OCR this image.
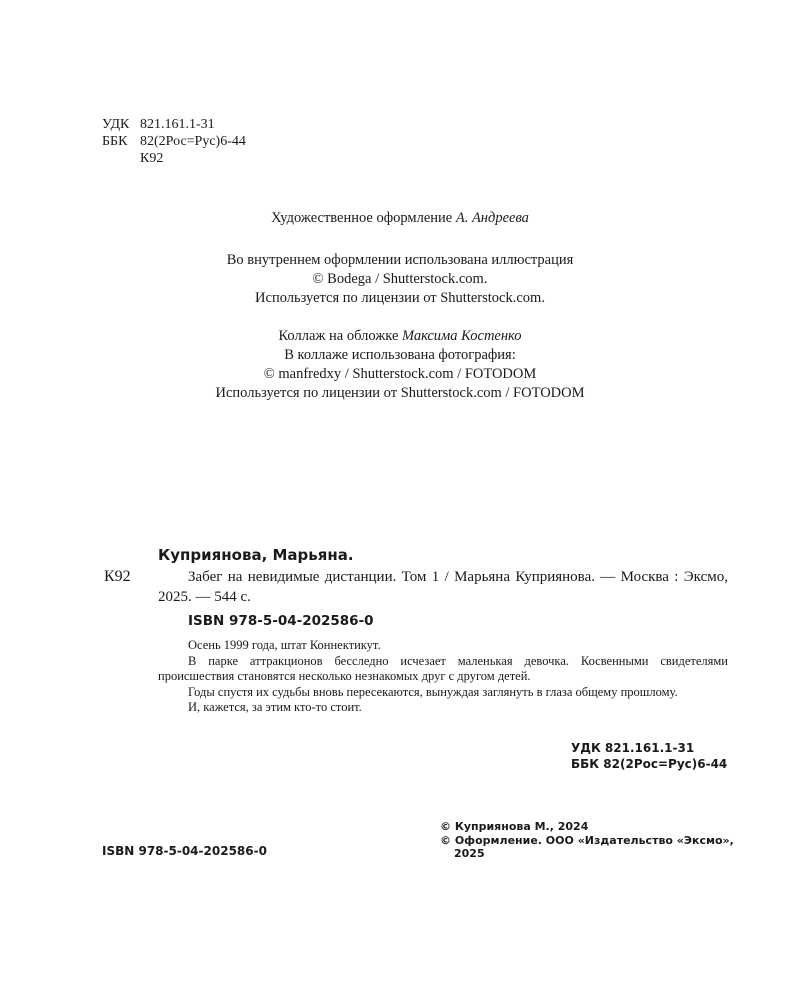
УДК 821.161.1-31
ББК 82(2Рос=Рус)6-44
К92
Художественное оформление А. Андреева
Во внутреннем оформлении использована иллюстрация
© Bodega / Shutterstock.com.
Используется по лицензии от Shutterstock.com.
Коллаж на обложке Максима Костенко
В коллаже использована фотография:
© manfredxy / Shutterstock.com / FOTODOM
Используется по лицензии от Shutterstock.com / FOTODOM
Куприянова, Марьяна.
К92	Забег на невидимые дистанции. Том 1 / Марьяна Куприянова. — Москва : Эксмо, 2025. — 544 с.
ISBN 978-5-04-202586-0

Осень 1999 года, штат Коннектикут.

В парке аттракционов бесследно исчезает маленькая девочка. Косвенными свидетелями происшествия становятся несколько незнакомых друг с другом детей.

Годы спустя их судьбы вновь пересекаются, вынуждая заглянуть в глаза общему прошлому.

И, кажется, за этим кто-то стоит.

УДК 821.161.1-31
ББК 82(2Рос=Рус)6-44
ISBN 978-5-04-202586-0
© Куприянова М., 2024
© Оформление. ООО «Издательство «Эксмо»,
2025
